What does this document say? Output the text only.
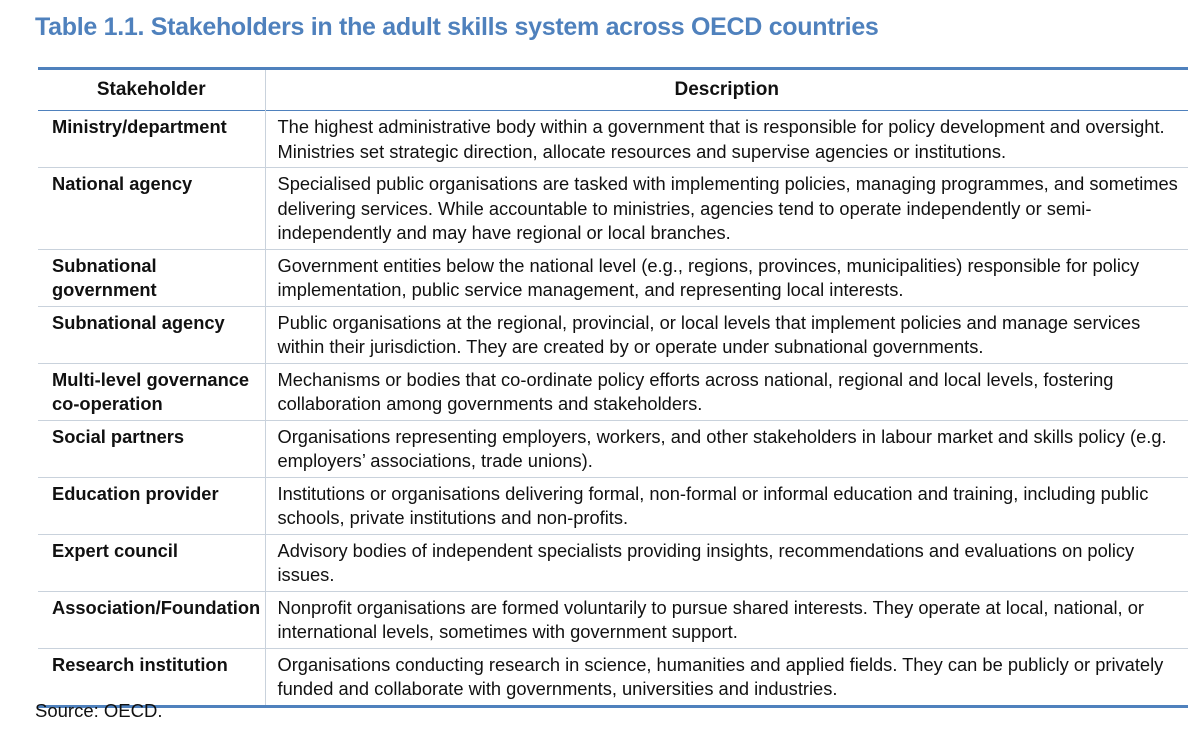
Table 1.1. Stakeholders in the adult skills system across OECD countries
Stakeholder	Description
Ministry/department	The highest administrative body within a government that is responsible for policy development and oversight. Ministries set strategic direction, allocate resources and supervise agencies or institutions.
National agency	Specialised public organisations are tasked with implementing policies, managing programmes, and sometimes delivering services. While accountable to ministries, agencies tend to operate independently or semi-independently and may have regional or local branches.
Subnational government	Government entities below the national level (e.g., regions, provinces, municipalities) responsible for policy implementation, public service management, and representing local interests.
Subnational agency	Public organisations at the regional, provincial, or local levels that implement policies and manage services within their jurisdiction. They are created by or operate under subnational governments.
Multi-level governance co-operation	Mechanisms or bodies that co-ordinate policy efforts across national, regional and local levels, fostering collaboration among governments and stakeholders.
Social partners	Organisations representing employers, workers, and other stakeholders in labour market and skills policy (e.g. employers’ associations, trade unions).
Education provider	Institutions or organisations delivering formal, non-formal or informal education and training, including public schools, private institutions and non-profits.
Expert council	Advisory bodies of independent specialists providing insights, recommendations and evaluations on policy issues.
Association/Foundation	Nonprofit organisations are formed voluntarily to pursue shared interests. They operate at local, national, or international levels, sometimes with government support.
Research institution	Organisations conducting research in science, humanities and applied fields. They can be publicly or privately funded and collaborate with governments, universities and industries.
Source: OECD.
